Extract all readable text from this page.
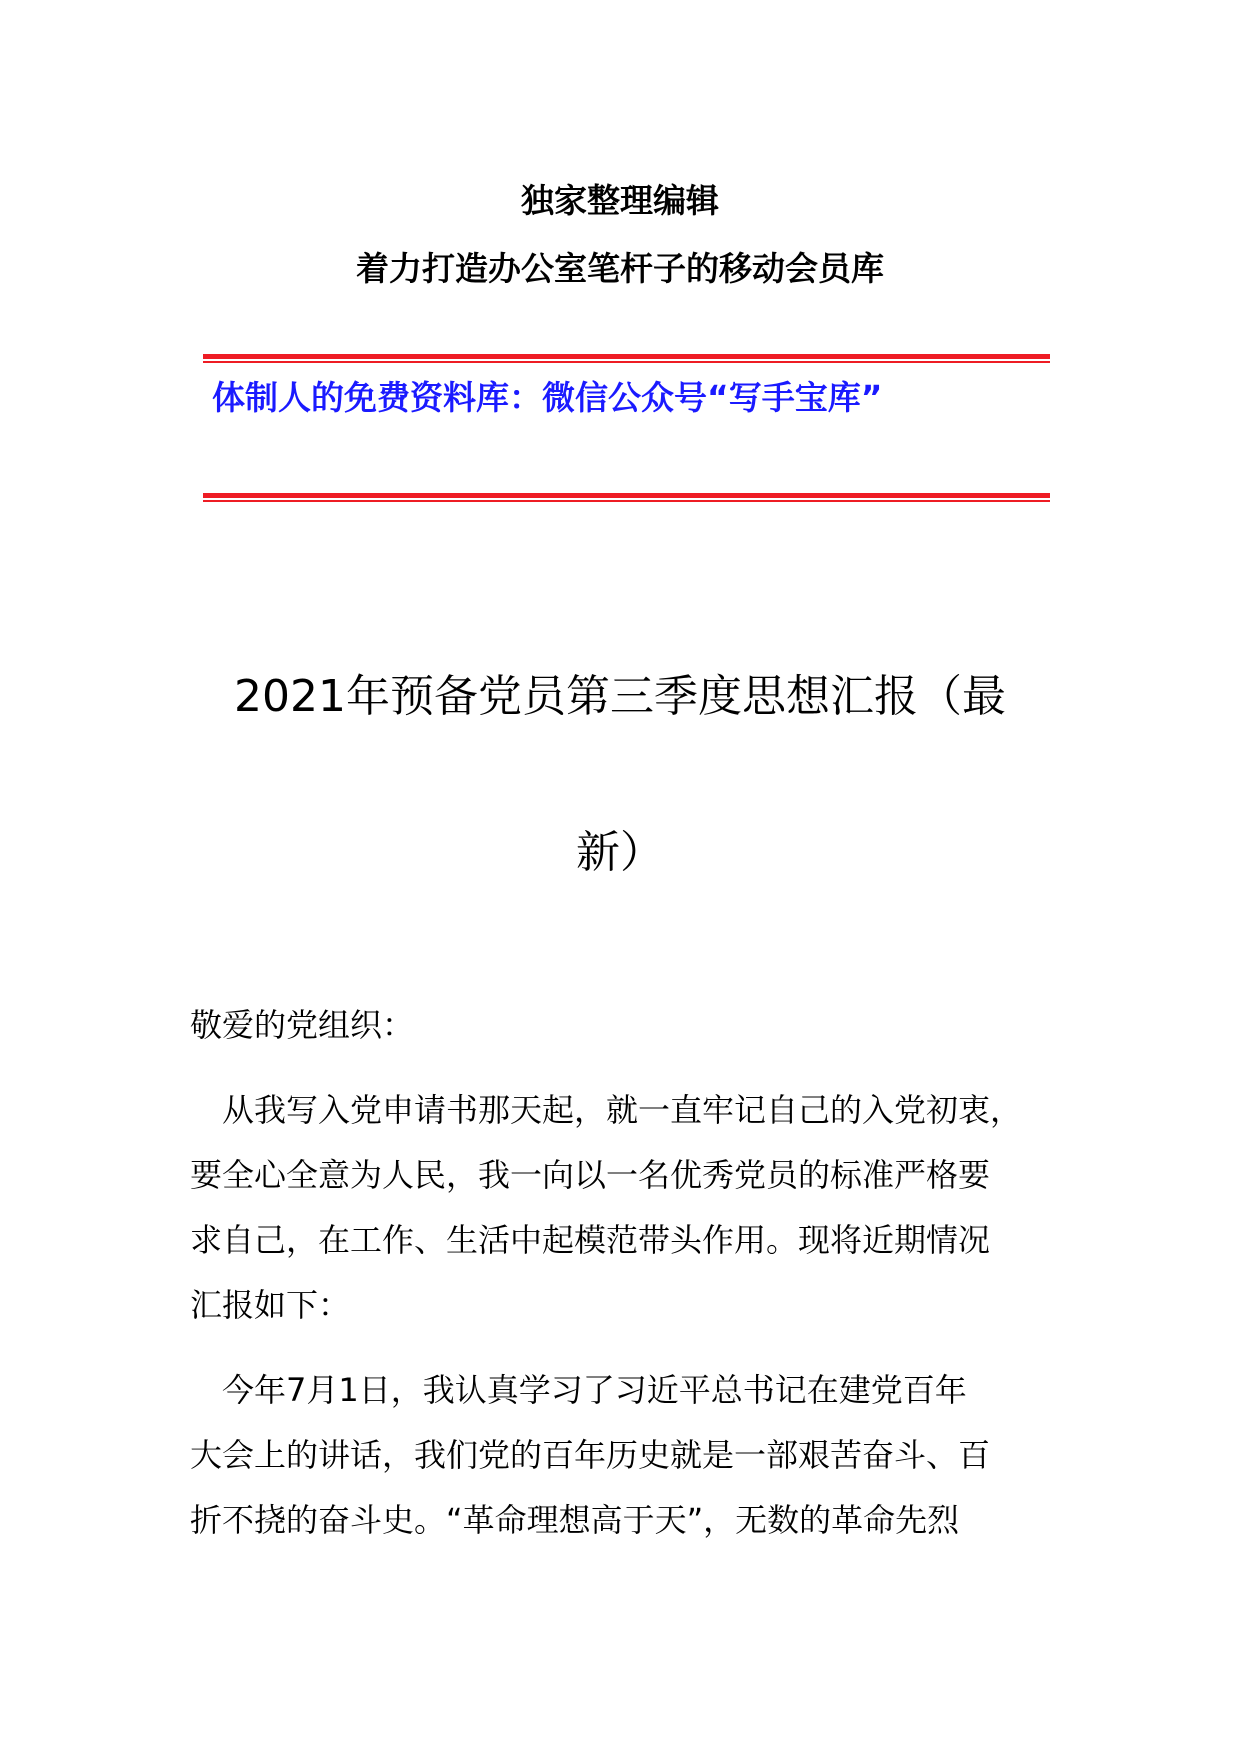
独家整理编辑
着力打造办公室笔杆子的移动会员库
体制人的免费资料库：微信公众号“写手宝库”
2021年预备党员第三季度思想汇报（最
新）
敬爱的党组织：
　从我写入党申请书那天起，就一直牢记自己的入党初衷，
要全心全意为人民，我一向以一名优秀党员的标准严格要
求自己，在工作、生活中起模范带头作用。现将近期情况
汇报如下：
　今年7月1日，我认真学习了习近平总书记在建党百年
大会上的讲话，我们党的百年历史就是一部艰苦奋斗、百
折不挠的奋斗史。“革命理想高于天”，无数的革命先烈
